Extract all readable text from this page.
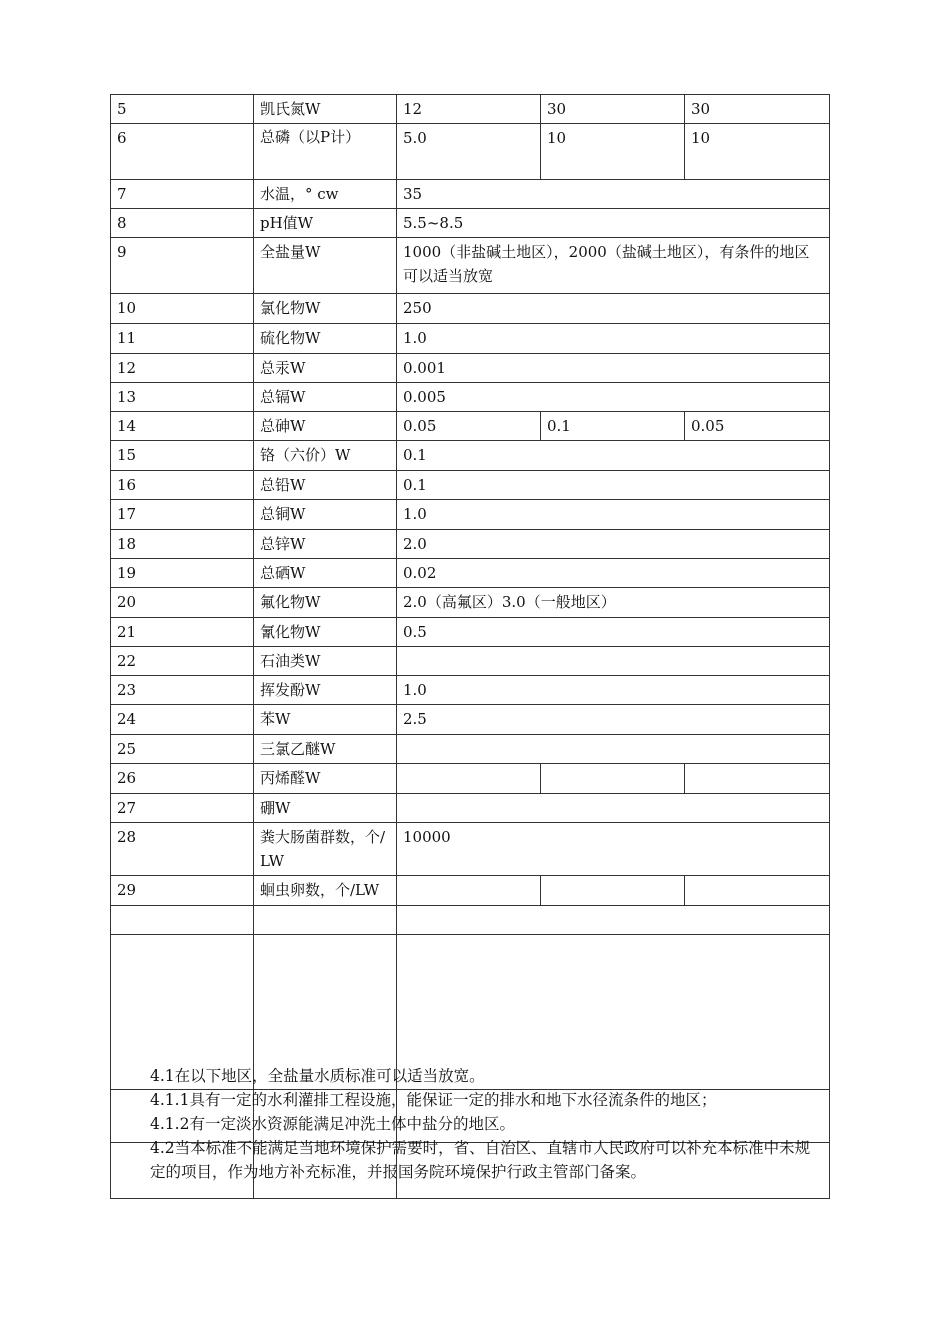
5	凯氏氮W	12	30	30
6	总磷（以P计）	5.0	10	10
7	水温，° cw	35		
8	pH值W	5.5~8.5		
9	全盐量W	1000（非盐碱土地区），2000（盐碱土地区），有条件的地区可以适当放宽		
10	氯化物W	250		
11	硫化物W	1.0		
12	总汞W	0.001		
13	总镉W	0.005		
14	总砷W	0.05	0.1	0.05
15	铬（六价）W	0.1		
16	总铅W	0.1		
17	总铜W	1.0		
18	总锌W	2.0		
19	总硒W	0.02		
20	氟化物W	2.0（高氟区）3.0（一般地区）		
21	氰化物W	0.5		
22	石油类W			
23	挥发酚W	1.0		
24	苯W	2.5		
25	三氯乙醚W			
26	丙烯醛W			
27	硼W			
28	粪大肠菌群数，个/LW	10000		
29	蛔虫卵数，个/LW			

4.1在以下地区，全盐量水质标准可以适当放宽。

4.1.1具有一定的水利灌排工程设施，能保证一定的排水和地下水径流条件的地区；

4.1.2有一定淡水资源能满足冲洗土体中盐分的地区。

4.2当本标准不能满足当地环境保护需要时，省、自治区、直辖市人民政府可以补充本标准中未规定的项目，作为地方补充标准，并报国务院环境保护行政主管部门备案。
